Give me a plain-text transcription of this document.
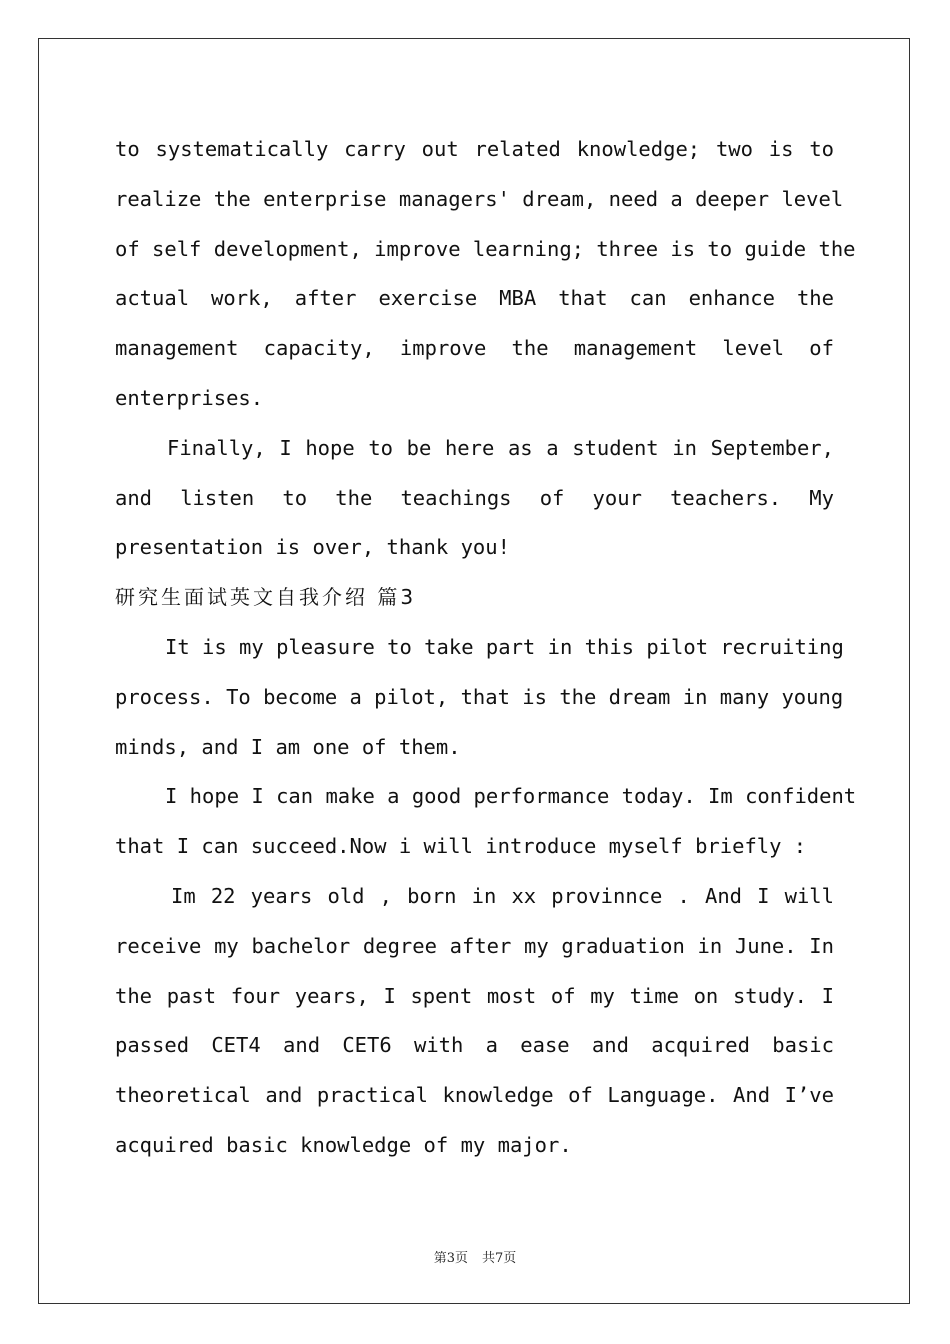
to systematically carry out related knowledge; two is to
realize the enterprise managers' dream, need a deeper level
of self development, improve learning; three is to guide the
actual work, after exercise MBA that can enhance the
management capacity, improve the management level of
enterprises.
Finally, I hope to be here as a student in September,
and listen to the teachings of your teachers. My
presentation is over, thank you!
研究生面试英文自我介绍 篇3
It is my pleasure to take part in this pilot recruiting
process. To become a pilot, that is the dream in many young
minds, and I am one of them.
I hope I can make a good performance today. Im confident
that I can succeed.Now i will introduce myself briefly :
Im 22 years old , born in xx provinnce . And I will
receive my bachelor degree after my graduation in June. In
the past four years, I spent most of my time on study. I
passed CET4 and CET6 with a ease and acquired basic
theoretical and practical knowledge of Language. And I’ve
acquired basic knowledge of my major.
第3页 共7页
